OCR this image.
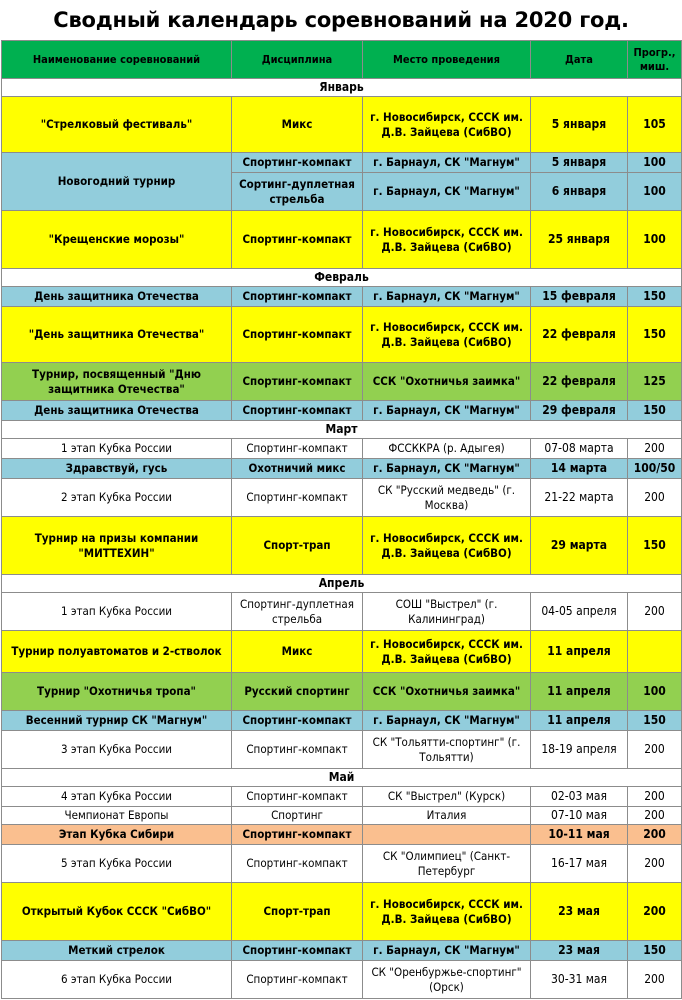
Сводный календарь соревнований на 2020 год.
Наименование соревнований	Дисциплина	Место проведения	Дата	Прогр., миш.
Январь				
"Стрелковый фестиваль"	Микс	г. Новосибирск, СССК им. Д.В. Зайцева (СибВО)	5 января	105
Новогодний турнир	Спортинг-компакт	г. Барнаул, СК "Магнум"	5 января	100
	Сортинг-дуплетная стрельба	г. Барнаул, СК "Магнум"	6 января	100
"Крещенские морозы"	Спортинг-компакт	г. Новосибирск, СССК им. Д.В. Зайцева (СибВО)	25 января	100
Февраль				
День защитника Отечества	Спортинг-компакт	г. Барнаул, СК "Магнум"	15 февраля	150
"День защитника Отечества"	Спортинг-компакт	г. Новосибирск, СССК им. Д.В. Зайцева (СибВО)	22 февраля	150
Турнир, посвященный "Дню защитника Отечества"	Спортинг-компакт	ССК "Охотничья заимка"	22 февраля	125
День защитника Отечества	Спортинг-компакт	г. Барнаул, СК "Магнум"	29 февраля	150
Март				
1 этап Кубка России	Спортинг-компакт	ФССККРА (р. Адыгея)	07-08 марта	200
Здравствуй, гусь	Охотничий микс	г. Барнаул, СК "Магнум"	14 марта	100/50
2 этап Кубка России	Спортинг-компакт	СК "Русский медведь" (г. Москва)	21-22 марта	200
Турнир на призы компании "МИТТЕХИН"	Спорт-трап	г. Новосибирск, СССК им. Д.В. Зайцева (СибВО)	29 марта	150
Апрель				
1 этап Кубка России	Спортинг-дуплетная стрельба	СОШ "Выстрел" (г. Калининград)	04-05 апреля	200
Турнир полуавтоматов и 2-стволок	Микс	г. Новосибирск, СССК им. Д.В. Зайцева (СибВО)	11 апреля	
Турнир "Охотничья тропа"	Русский спортинг	ССК "Охотничья заимка"	11 апреля	100
Весенний турнир СК "Магнум"	Спортинг-компакт	г. Барнаул, СК "Магнум"	11 апреля	150
3 этап Кубка России	Спортинг-компакт	СК "Тольятти-спортинг" (г. Тольятти)	18-19 апреля	200
Май				
4 этап Кубка России	Спортинг-компакт	СК "Выстрел" (Курск)	02-03 мая	200
Чемпионат Европы	Спортинг	Италия	07-10 мая	200
Этап Кубка Сибири	Спортинг-компакт		10-11 мая	200
5 этап Кубка России	Спортинг-компакт	СК "Олимпиец" (Санкт-Петербург	16-17 мая	200
Открытый Кубок СССК "СибВО"	Спорт-трап	г. Новосибирск, СССК им. Д.В. Зайцева (СибВО)	23 мая	200
Меткий стрелок	Спортинг-компакт	г. Барнаул, СК "Магнум"	23 мая	150
6 этап Кубка России	Спортинг-компакт	СК "Оренбуржье-спортинг" (Орск)	30-31 мая	200
